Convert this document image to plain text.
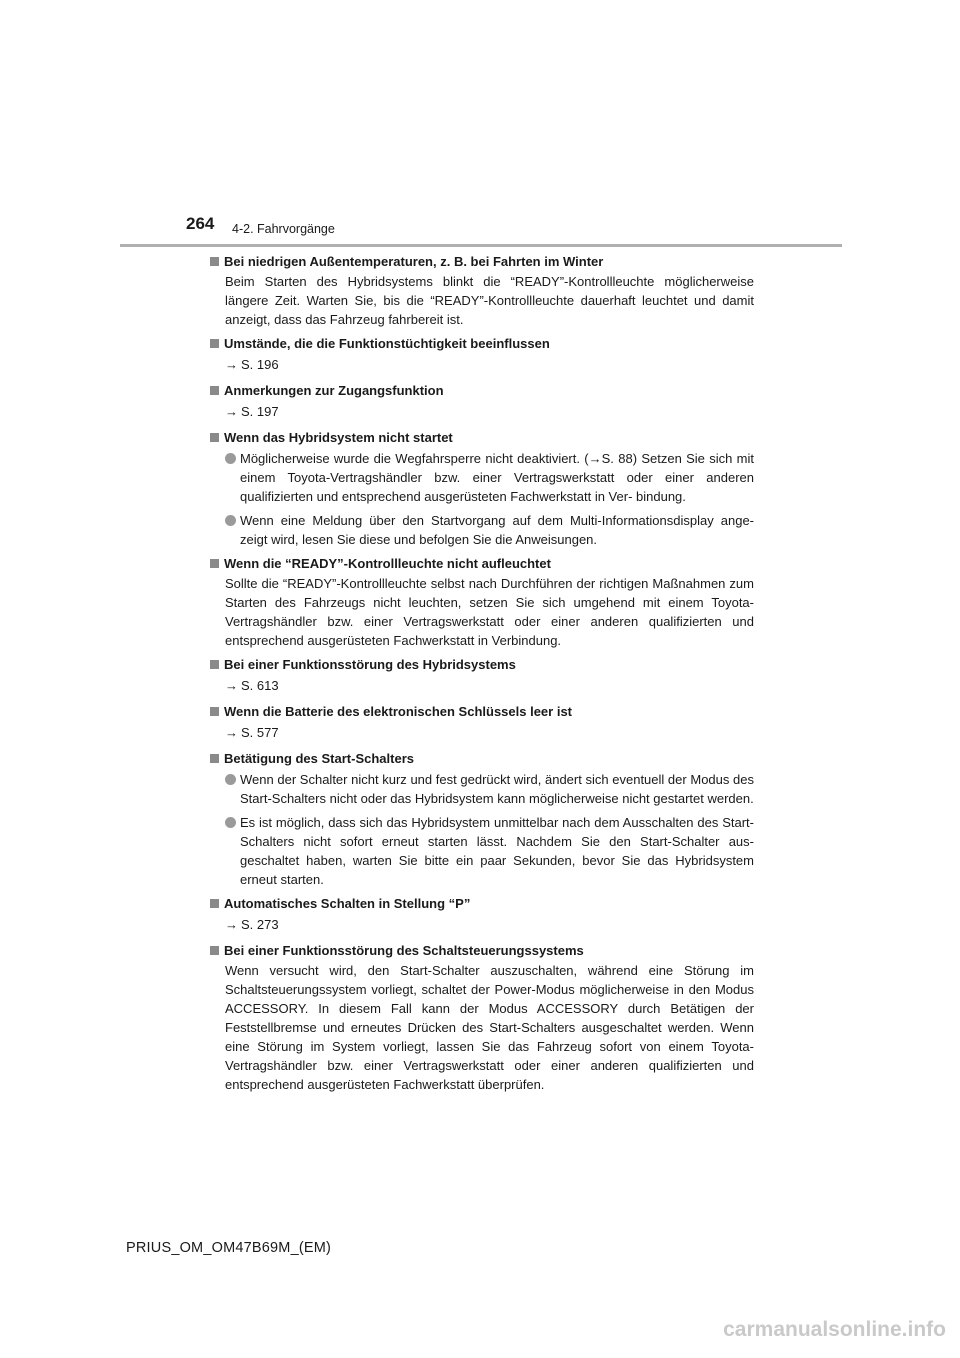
264 4-2. Fahrvorgänge
Bei niedrigen Außentemperaturen, z. B. bei Fahrten im Winter
Beim Starten des Hybridsystems blinkt die “READY”-Kontrollleuchte möglicherweise längere Zeit. Warten Sie, bis die “READY”-Kontrollleuchte dauerhaft leuchtet und damit anzeigt, dass das Fahrzeug fahrbereit ist.
Umstände, die die Funktionstüchtigkeit beeinflussen
→ S. 196
Anmerkungen zur Zugangsfunktion
→ S. 197
Wenn das Hybridsystem nicht startet
Möglicherweise wurde die Wegfahrsperre nicht deaktiviert. (→S. 88) Setzen Sie sich mit einem Toyota-Vertragshändler bzw. einer Vertragswerkstatt oder einer anderen qualifizierten und entsprechend ausgerüsteten Fachwerkstatt in Ver- bindung.
Wenn eine Meldung über den Startvorgang auf dem Multi-Informationsdisplay ange- zeigt wird, lesen Sie diese und befolgen Sie die Anweisungen.
Wenn die “READY”-Kontrollleuchte nicht aufleuchtet
Sollte die “READY”-Kontrollleuchte selbst nach Durchführen der richtigen Maßnahmen zum Starten des Fahrzeugs nicht leuchten, setzen Sie sich umgehend mit einem Toyota-Vertragshändler bzw. einer Vertragswerkstatt oder einer anderen qualifizierten und entsprechend ausgerüsteten Fachwerkstatt in Verbindung.
Bei einer Funktionsstörung des Hybridsystems
→ S. 613
Wenn die Batterie des elektronischen Schlüssels leer ist
→ S. 577
Betätigung des Start-Schalters
Wenn der Schalter nicht kurz und fest gedrückt wird, ändert sich eventuell der Modus des Start-Schalters nicht oder das Hybridsystem kann möglicherweise nicht gestartet werden.
Es ist möglich, dass sich das Hybridsystem unmittelbar nach dem Ausschalten des Start-Schalters nicht sofort erneut starten lässt. Nachdem Sie den Start-Schalter aus- geschaltet haben, warten Sie bitte ein paar Sekunden, bevor Sie das Hybridsystem erneut starten.
Automatisches Schalten in Stellung “P”
→ S. 273
Bei einer Funktionsstörung des Schaltsteuerungssystems
Wenn versucht wird, den Start-Schalter auszuschalten, während eine Störung im Schaltsteuerungssystem vorliegt, schaltet der Power-Modus möglicherweise in den Modus ACCESSORY. In diesem Fall kann der Modus ACCESSORY durch Betätigen der Feststellbremse und erneutes Drücken des Start-Schalters ausgeschaltet werden. Wenn eine Störung im System vorliegt, lassen Sie das Fahrzeug sofort von einem Toyota-Vertragshändler bzw. einer Vertragswerkstatt oder einer anderen qualifizierten und entsprechend ausgerüsteten Fachwerkstatt überprüfen.
PRIUS_OM_OM47B69M_(EM)
carmanualsonline.info
